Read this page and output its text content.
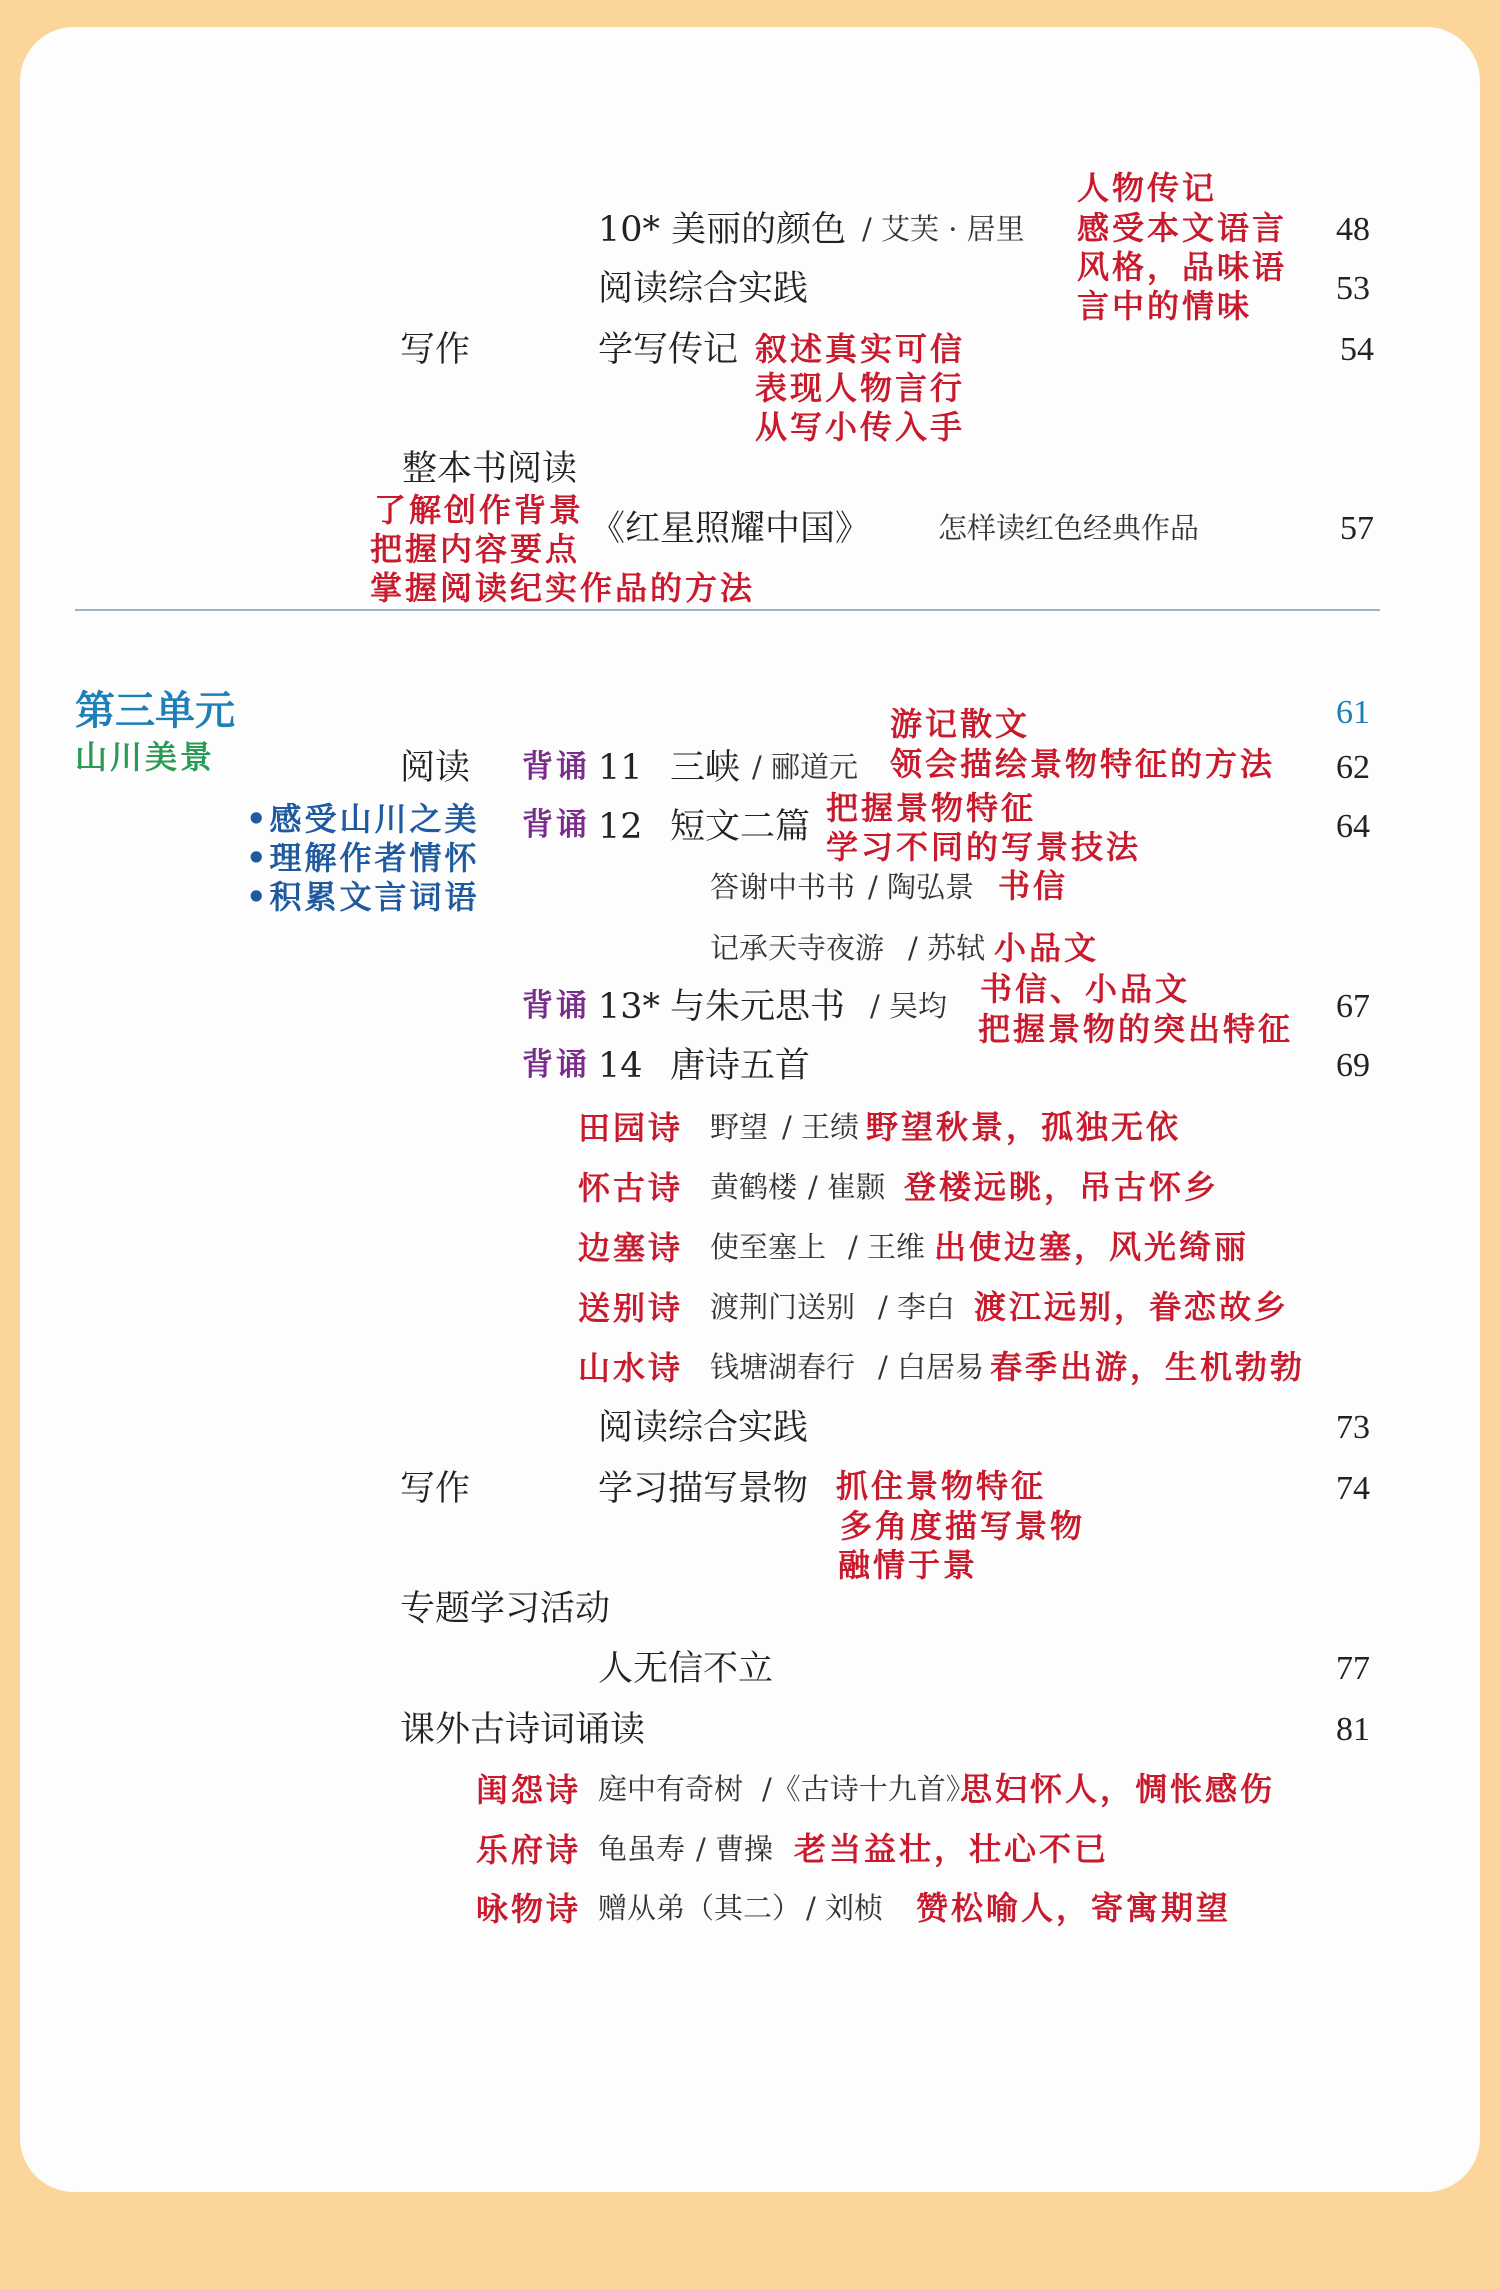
10* 美丽的颜色 / 艾芙 · 居里	48
人物传记
感受本文语言
风格，品味语
言中的情味
阅读综合实践	53
写作	学写传记	54
叙述真实可信
表现人物言行
从写小传入手
整本书阅读
《红星照耀中国》 怎样读红色经典作品	57
了解创作背景
把握内容要点
掌握阅读纪实作品的方法
第三单元
山川美景
61
•感受山川之美
•理解作者情怀
•积累文言词语
阅读 背诵 11 三峡 / 郦道元	62
游记散文
领会描绘景物特征的方法
背诵 12 短文二篇	64
把握景物特征
学习不同的写景技法
答谢中书书 / 陶弘景 书信
记承天寺夜游 / 苏轼 小品文
背诵 13* 与朱元思书 / 吴均	67
书信、小品文
把握景物的突出特征
背诵 14 唐诗五首	69
田园诗 野望 / 王绩 野望秋景，孤独无依
怀古诗 黄鹤楼 / 崔颢 登楼远眺，吊古怀乡
边塞诗 使至塞上 / 王维 出使边塞，风光绮丽
送别诗 渡荆门送别 / 李白 渡江远别，眷恋故乡
山水诗 钱塘湖春行 / 白居易 春季出游，生机勃勃
阅读综合实践	73
写作	学习描写景物	74
抓住景物特征
多角度描写景物
融情于景
专题学习活动
人无信不立	77
课外古诗词诵读	81
闺怨诗 庭中有奇树 /《古诗十九首》
思妇怀人，惆怅感伤
乐府诗 龟虽寿 / 曹操 老当益壮，壮心不已
咏物诗 赠从弟（其二） / 刘桢 赞松喻人，寄寓期望
